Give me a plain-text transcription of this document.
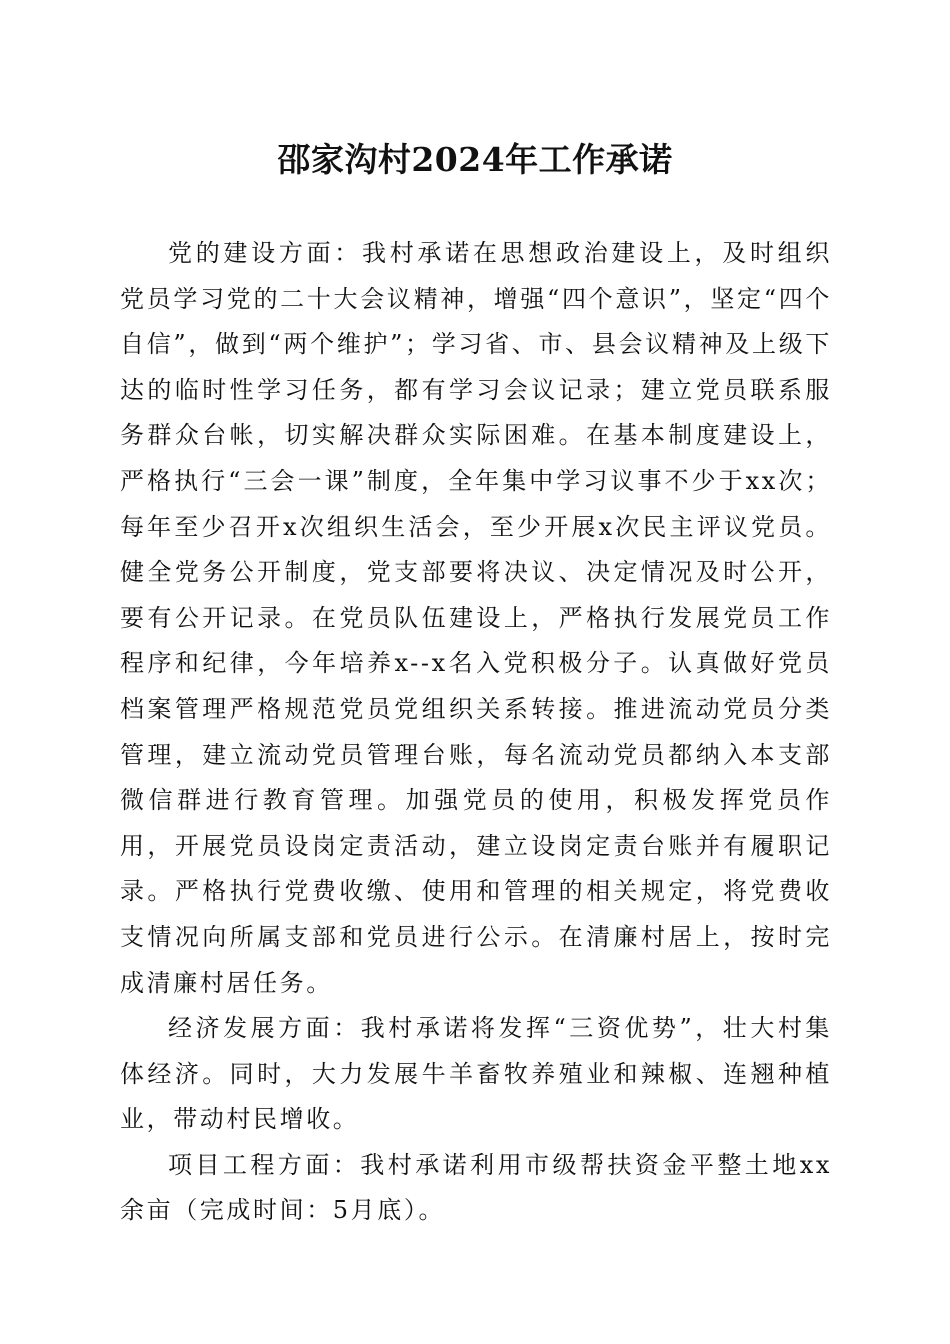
邵家沟村2024年工作承诺

党的建设方面：我村承诺在思想政治建设上，及时组织党员学习党的二十大会议精神，增强“四个意识”，坚定“四个自信”，做到“两个维护”；学习省、市、县会议精神及上级下达的临时性学习任务，都有学习会议记录；建立党员联系服务群众台帐，切实解决群众实际困难。在基本制度建设上，严格执行“三会一课”制度，全年集中学习议事不少于xx次；每年至少召开x次组织生活会，至少开展x次民主评议党员。健全党务公开制度，党支部要将决议、决定情况及时公开，要有公开记录。在党员队伍建设上，严格执行发展党员工作程序和纪律，今年培养x--x名入党积极分子。认真做好党员档案管理严格规范党员党组织关系转接。推进流动党员分类管理，建立流动党员管理台账，每名流动党员都纳入本支部微信群进行教育管理。加强党员的使用，积极发挥党员作用，开展党员设岗定责活动，建立设岗定责台账并有履职记录。严格执行党费收缴、使用和管理的相关规定，将党费收支情况向所属支部和党员进行公示。在清廉村居上，按时完成清廉村居任务。

经济发展方面：我村承诺将发挥“三资优势”，壮大村集体经济。同时，大力发展牛羊畜牧养殖业和辣椒、连翘种植业，带动村民增收。

项目工程方面：我村承诺利用市级帮扶资金平整土地xx余亩（完成时间：5月底）。
